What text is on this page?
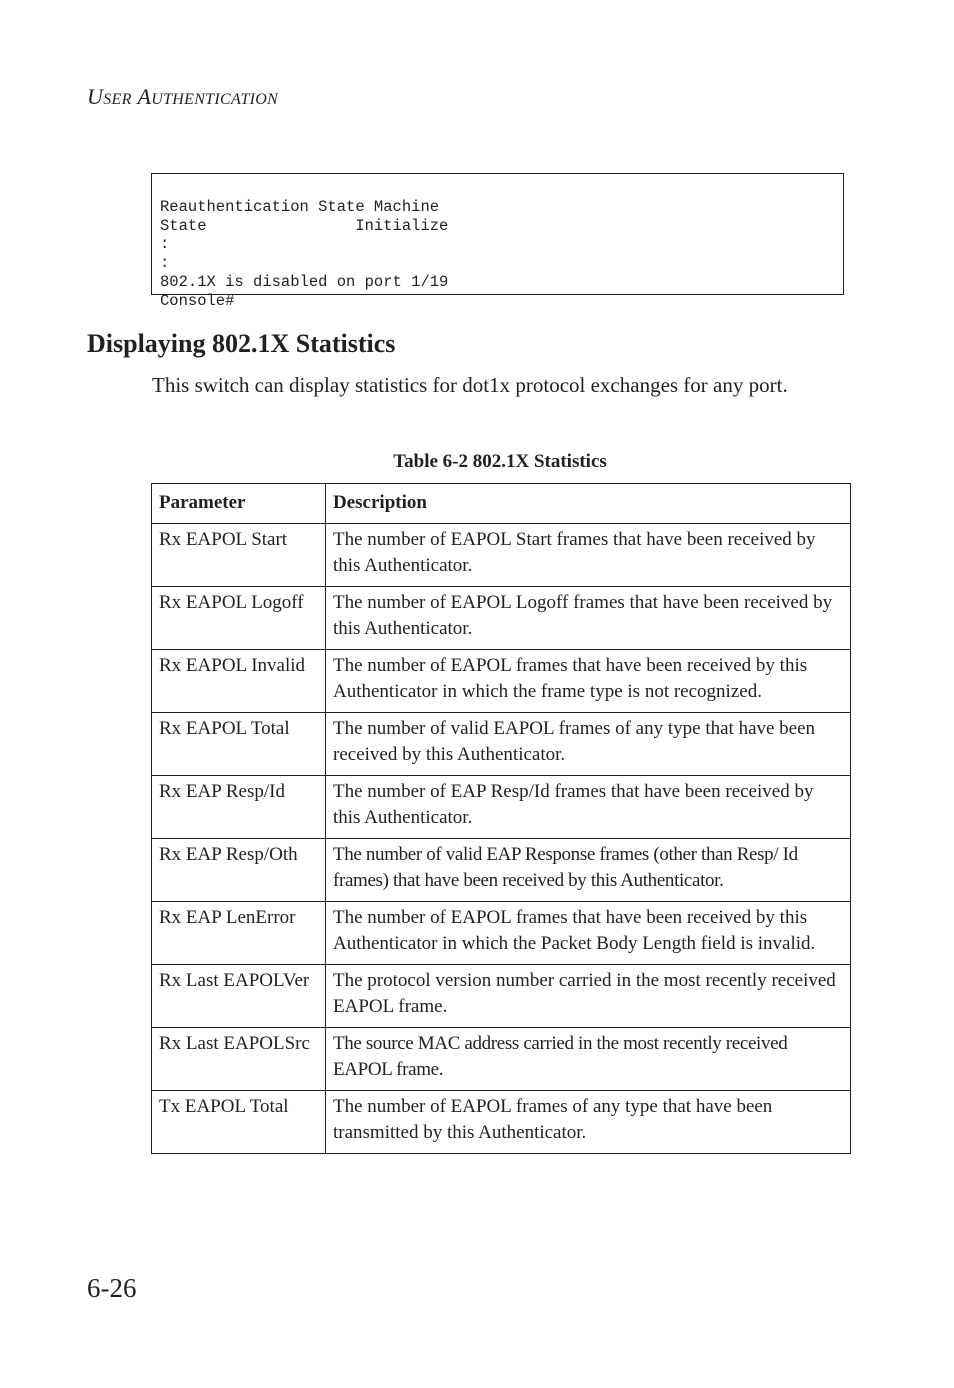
USER AUTHENTICATION
Reauthentication State Machine
State                Initialize
:
:
802.1X is disabled on port 1/19
Console#
Displaying 802.1X Statistics

This switch can display statistics for dot1x protocol exchanges for any port.

Table 6-2 802.1X Statistics

Parameter	Description
Rx EAPOL Start	The number of EAPOL Start frames that have been received by this Authenticator.
Rx EAPOL Logoff	The number of EAPOL Logoff frames that have been received by this Authenticator.
Rx EAPOL Invalid	The number of EAPOL frames that have been received by this Authenticator in which the frame type is not recognized.
Rx EAPOL Total	The number of valid EAPOL frames of any type that have been received by this Authenticator.
Rx EAP Resp/Id	The number of EAP Resp/Id frames that have been received by this Authenticator.
Rx EAP Resp/Oth	The number of valid EAP Response frames (other than Resp/ Id frames) that have been received by this Authenticator.
Rx EAP LenError	The number of EAPOL frames that have been received by this Authenticator in which the Packet Body Length field is invalid.
Rx Last EAPOLVer	The protocol version number carried in the most recently received EAPOL frame.
Rx Last EAPOLSrc	The source MAC address carried in the most recently received EAPOL frame.
Tx EAPOL Total	The number of EAPOL frames of any type that have been transmitted by this Authenticator.

6-26
